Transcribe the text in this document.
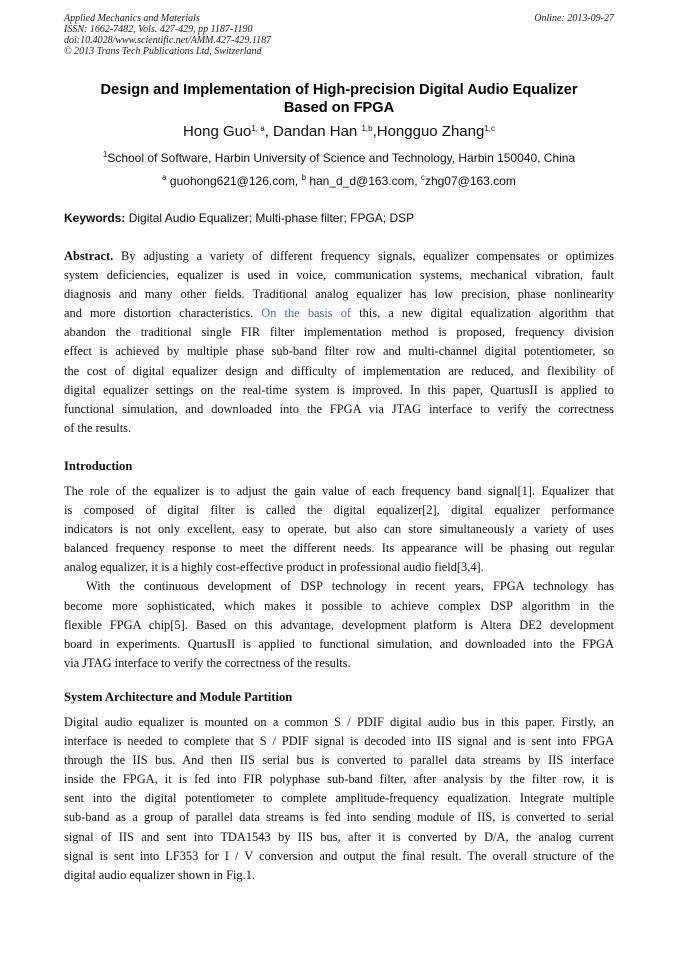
Applied Mechanics and Materials
ISSN: 1662-7482, Vols. 427-429, pp 1187-1190
doi:10.4028/www.scientific.net/AMM.427-429.1187
© 2013 Trans Tech Publications Ltd, Switzerland
Online: 2013-09-27
Design and Implementation of High-precision Digital Audio Equalizer
Based on FPGA
Hong Guo$^{1, a}$, Dandan Han $^{1,b}$,Hongguo Zhang$^{1,c}$
$^1$School of Software, Harbin University of Science and Technology, Harbin 150040, China
$^a$ guohong621@126.com, $^b$ han_d_d@163.com, $^c$zhg07@163.com
Keywords: Digital Audio Equalizer; Multi-phase filter; FPGA; DSP
Abstract. By adjusting a variety of different frequency signals, equalizer compensates or optimizes
system deficiencies, equalizer is used in voice, communication systems, mechanical vibration, fault
diagnosis and many other fields. Traditional analog equalizer has low precision, phase nonlinearity
and more distortion characteristics. On the basis of this, a new digital equalization algorithm that
abandon the traditional single FIR filter implementation method is proposed, frequency division
effect is achieved by multiple phase sub-band filter row and multi-channel digital potentiometer, so
the cost of digital equalizer design and difficulty of implementation are reduced, and flexibility of
digital equalizer settings on the real-time system is improved. In this paper, QuartusII is applied to
functional simulation, and downloaded into the FPGA via JTAG interface to verify the correctness
of the results.
Introduction
The role of the equalizer is to adjust the gain value of each frequency band signal[1]. Equalizer that
is composed of digital filter is called the digital equalizer[2], digital equalizer performance
indicators is not only excellent, easy to operate, but also can store simultaneously a variety of uses
balanced frequency response to meet the different needs. Its appearance will be phasing out regular
analog equalizer, it is a highly cost-effective product in professional audio field[3,4].
With the continuous development of DSP technology in recent years, FPGA technology has
become more sophisticated, which makes it possible to achieve complex DSP algorithm in the
flexible FPGA chip[5]. Based on this advantage, development platform is Altera DE2 development
board in experiments. QuartusII is applied to functional simulation, and downloaded into the FPGA
via JTAG interface to verify the correctness of the results.
System Architecture and Module Partition
Digital audio equalizer is mounted on a common S / PDIF digital audio bus in this paper. Firstly, an
interface is needed to complete that S / PDIF signal is decoded into IIS signal and is sent into FPGA
through the IIS bus. And then IIS serial bus is converted to parallel data streams by IIS interface
inside the FPGA, it is fed into FIR polyphase sub-band filter, after analysis by the filter row, it is
sent into the digital potentiometer to complete amplitude-frequency equalization. Integrate multiple
sub-band as a group of parallel data streams is fed into sending module of IIS, is converted to serial
signal of IIS and sent into TDA1543 by IIS bus, after it is converted by D/A, the analog current
signal is sent into LF353 for I / V conversion and output the final result. The overall structure of the
digital audio equalizer shown in Fig.1.
